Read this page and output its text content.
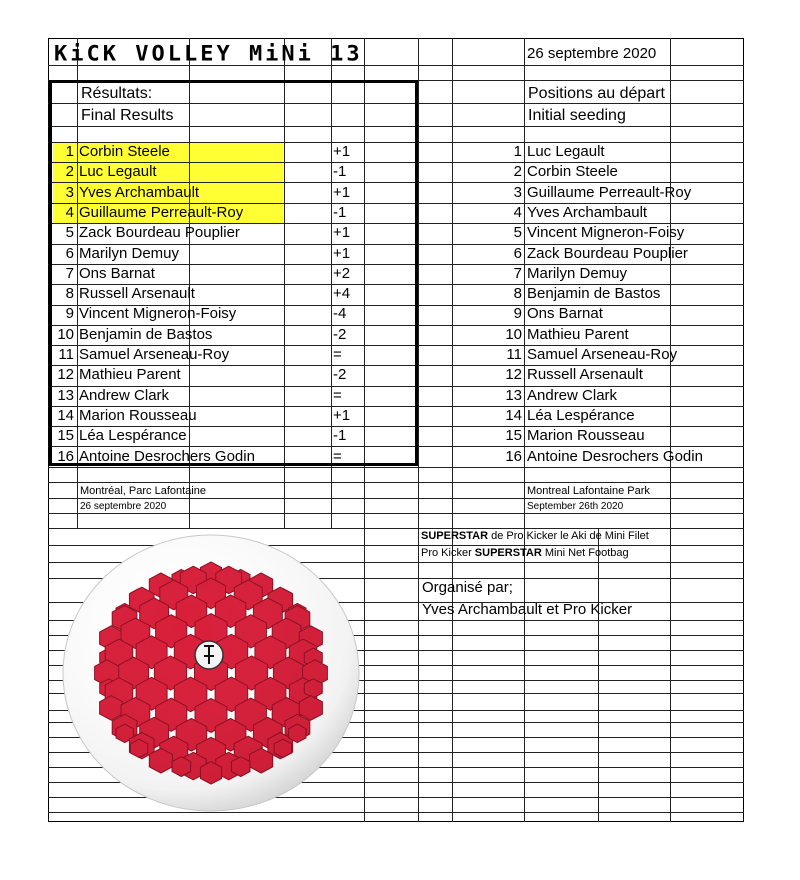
KiCK VOLLEY MiNi 13	26 septembre 2020
Résultats:
Final Results
Positions au départ
Initial seeding
1 Corbin Steele	+1
2 Luc Legault	-1
3 Yves Archambault	+1
4 Guillaume Perreault-Roy	-1
5 Zack Bourdeau Pouplier	+1
6 Marilyn Demuy	+1
7 Ons Barnat	+2
8 Russell Arsenault	+4
9 Vincent Migneron-Foisy	-4
10 Benjamin de Bastos	-2
11 Samuel Arseneau-Roy	=
12 Mathieu Parent	-2
13 Andrew Clark	=
14 Marion Rousseau	+1
15 Léa Lespérance	-1
16 Antoine Desrochers Godin	=
1 Luc Legault
2 Corbin Steele
3 Guillaume Perreault-Roy
4 Yves Archambault
5 Vincent Migneron-Foisy
6 Zack Bourdeau Pouplier
7 Marilyn Demuy
8 Benjamin de Bastos
9 Ons Barnat
10 Mathieu Parent
11 Samuel Arseneau-Roy
12 Russell Arsenault
13 Andrew Clark
14 Léa Lespérance
15 Marion Rousseau
16 Antoine Desrochers Godin
Montréal, Parc Lafontaine
26 septembre 2020
Montreal Lafontaine Park
September 26th 2020
SUPERSTAR de Pro Kicker le Aki de Mini Filet
Pro Kicker SUPERSTAR Mini Net Footbag
Organisé par;
Yves Archambault et Pro Kicker
